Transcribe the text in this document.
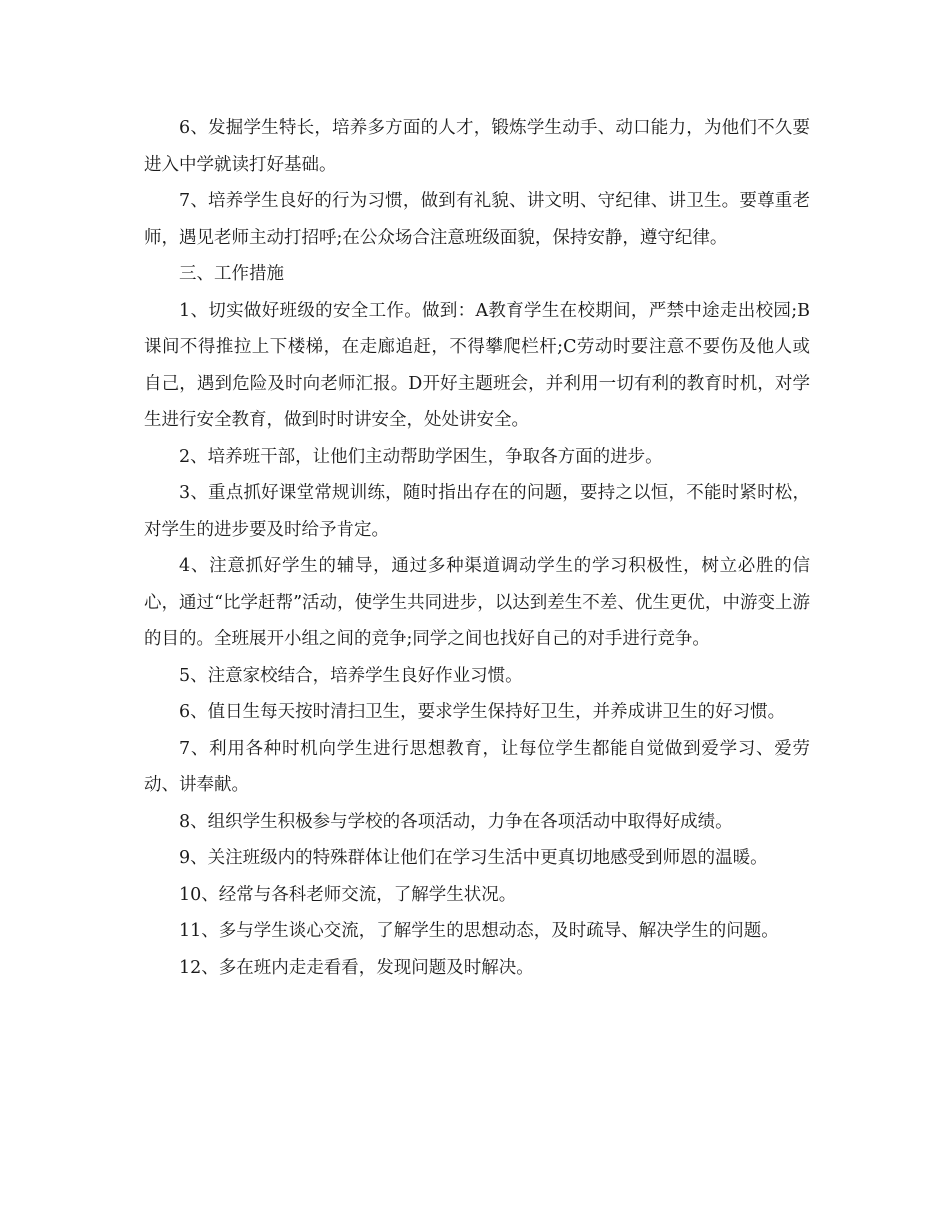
6、发掘学生特长，培养多方面的人才，锻炼学生动手、动口能力，为他们不久要进入中学就读打好基础。

7、培养学生良好的行为习惯，做到有礼貌、讲文明、守纪律、讲卫生。要尊重老师，遇见老师主动打招呼;在公众场合注意班级面貌，保持安静，遵守纪律。

三、工作措施

1、切实做好班级的安全工作。做到：A教育学生在校期间，严禁中途走出校园;B课间不得推拉上下楼梯，在走廊追赶，不得攀爬栏杆;C劳动时要注意不要伤及他人或自己，遇到危险及时向老师汇报。D开好主题班会，并利用一切有利的教育时机，对学生进行安全教育，做到时时讲安全，处处讲安全。

2、培养班干部，让他们主动帮助学困生，争取各方面的进步。

3、重点抓好课堂常规训练，随时指出存在的问题，要持之以恒，不能时紧时松，对学生的进步要及时给予肯定。

4、注意抓好学生的辅导，通过多种渠道调动学生的学习积极性，树立必胜的信心，通过“比学赶帮”活动，使学生共同进步，以达到差生不差、优生更优，中游变上游的目的。全班展开小组之间的竞争;同学之间也找好自己的对手进行竞争。

5、注意家校结合，培养学生良好作业习惯。

6、值日生每天按时清扫卫生，要求学生保持好卫生，并养成讲卫生的好习惯。

7、利用各种时机向学生进行思想教育，让每位学生都能自觉做到爱学习、爱劳动、讲奉献。

8、组织学生积极参与学校的各项活动，力争在各项活动中取得好成绩。

9、关注班级内的特殊群体让他们在学习生活中更真切地感受到师恩的温暖。

10、经常与各科老师交流，了解学生状况。

11、多与学生谈心交流，了解学生的思想动态，及时疏导、解决学生的问题。

12、多在班内走走看看，发现问题及时解决。
